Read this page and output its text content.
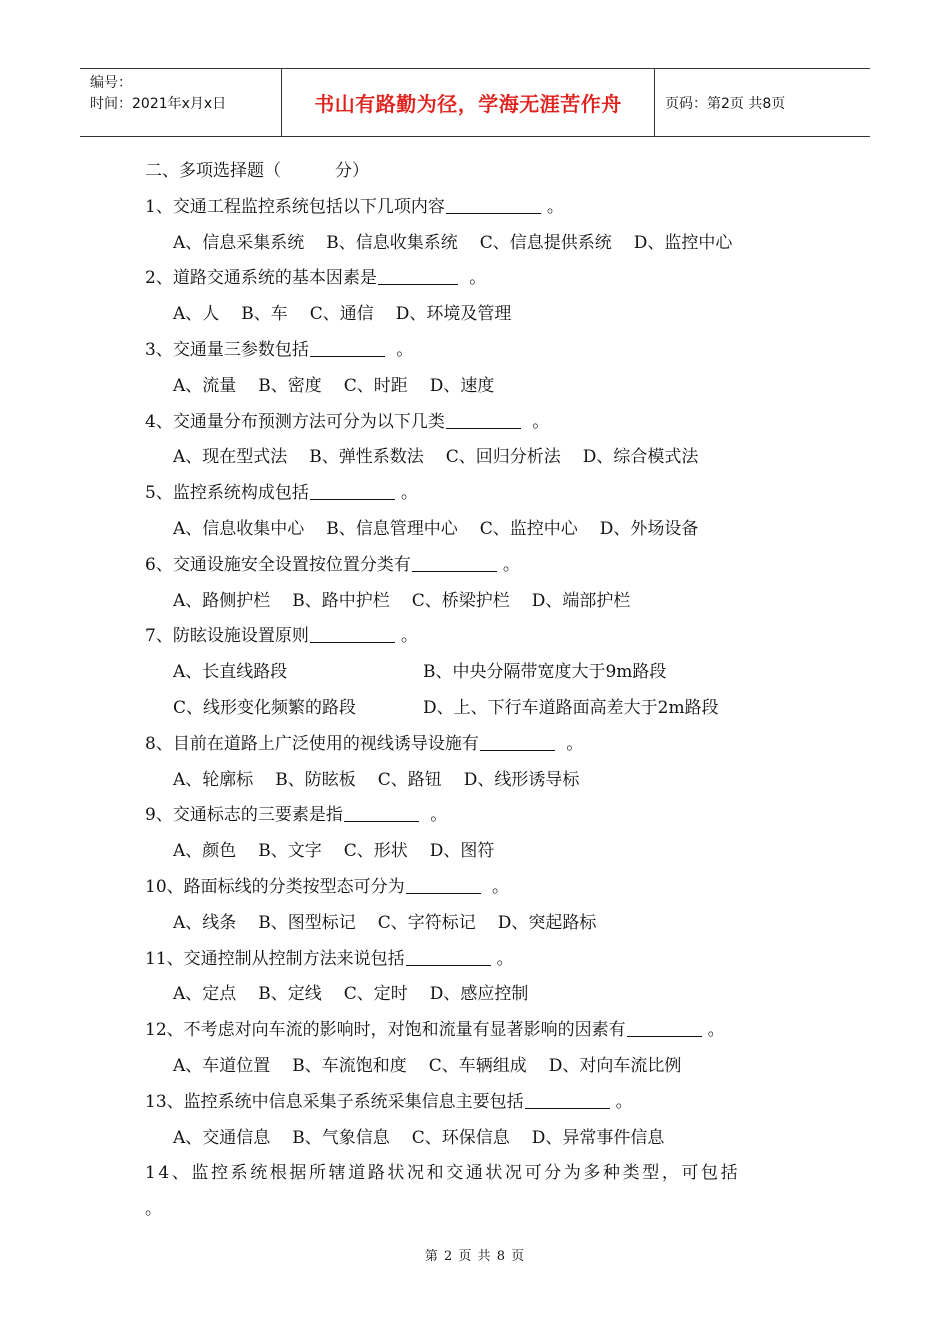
编号：
时间：2021年x月x日	书山有路勤为径，学海无涯苦作舟	页码：第2页 共8页
二、多项选择题（          分）
1、交通工程监控系统包括以下几项内容	。
A、信息采集系统 B、信息收集系统 C、信息提供系统 D、监控中心
2、道路交通系统的基本因素是	。
A、人 B、车 C、通信 D、环境及管理
3、交通量三参数包括	。
A、流量 B、密度 C、时距 D、速度
4、交通量分布预测方法可分为以下几类	。
A、现在型式法 B、弹性系数法 C、回归分析法 D、综合模式法
5、监控系统构成包括	。
A、信息收集中心 B、信息管理中心 C、监控中心 D、外场设备
6、交通设施安全设置按位置分类有	。
A、路侧护栏 B、路中护栏 C、桥梁护栏 D、端部护栏
7、防眩设施设置原则	。
A、长直线路段	B、中央分隔带宽度大于9m路段
C、线形变化频繁的路段	D、上、下行车道路面高差大于2m路段
8、目前在道路上广泛使用的视线诱导设施有	。
A、轮廓标 B、防眩板 C、路钮 D、线形诱导标
9、交通标志的三要素是指	。
A、颜色 B、文字 C、形状 D、图符
10、路面标线的分类按型态可分为	。
A、线条 B、图型标记 C、字符标记 D、突起路标
11、交通控制从控制方法来说包括	。
A、定点 B、定线 C、定时 D、感应控制
12、不考虑对向车流的影响时，对饱和流量有显著影响的因素有	。
A、车道位置 B、车流饱和度 C、车辆组成 D、对向车流比例
13、监控系统中信息采集子系统采集信息主要包括	。
A、交通信息 B、气象信息 C、环保信息 D、异常事件信息
14、监控系统根据所辖道路状况和交通状况可分为多种类型，可包括
。
第 2 页 共 8 页
